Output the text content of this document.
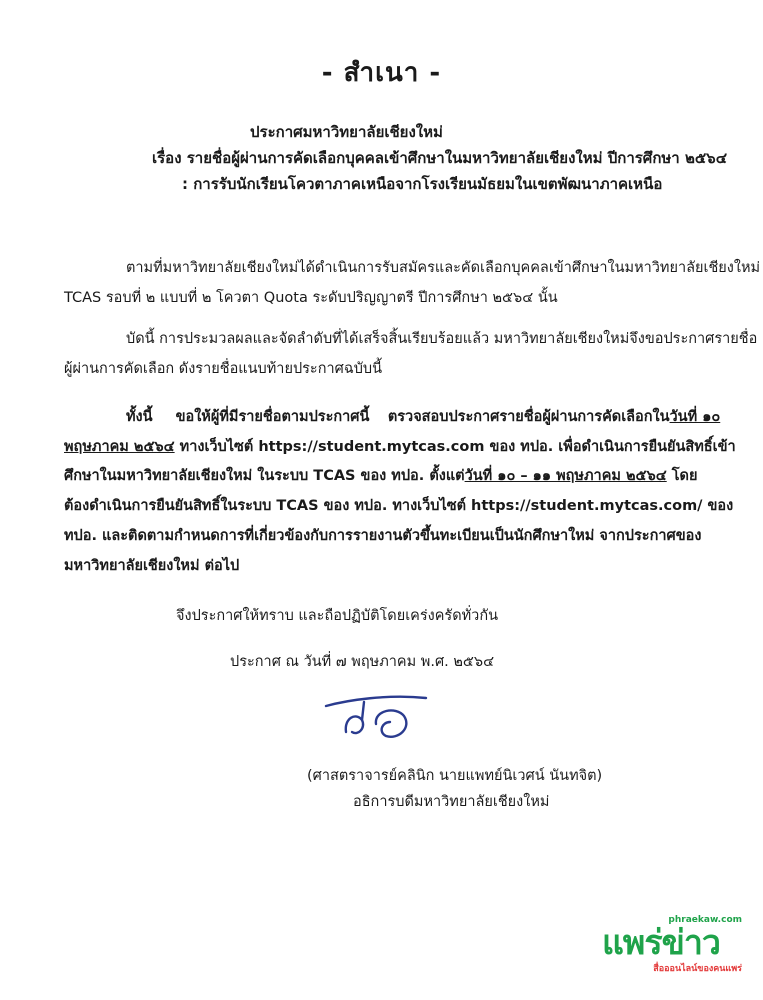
- สำเนา -
ประกาศมหาวิทยาลัยเชียงใหม่
เรื่อง รายชื่อผู้ผ่านการคัดเลือกบุคคลเข้าศึกษาในมหาวิทยาลัยเชียงใหม่ ปีการศึกษา ๒๕๖๔
: การรับนักเรียนโควตาภาคเหนือจากโรงเรียนมัธยมในเขตพัฒนาภาคเหนือ
ตามที่มหาวิทยาลัยเชียงใหม่ได้ดำเนินการรับสมัครและคัดเลือกบุคคลเข้าศึกษาในมหาวิทยาลัยเชียงใหม่
TCAS รอบที่ ๒ แบบที่ ๒ โควตา Quota ระดับปริญญาตรี ปีการศึกษา ๒๕๖๔ นั้น
บัดนี้ การประมวลผลและจัดลำดับที่ได้เสร็จสิ้นเรียบร้อยแล้ว มหาวิทยาลัยเชียงใหม่จึงขอประกาศรายชื่อ
ผู้ผ่านการคัดเลือก ดังรายชื่อแนบท้ายประกาศฉบับนี้
ทั้งนี้ ขอให้ผู้ที่มีรายชื่อตามประกาศนี้ ตรวจสอบประกาศรายชื่อผู้ผ่านการคัดเลือกในวันที่ ๑๐
พฤษภาคม ๒๕๖๔ ทางเว็บไซต์ https://student.mytcas.com ของ ทปอ. เพื่อดำเนินการยืนยันสิทธิ์เข้า
ศึกษาในมหาวิทยาลัยเชียงใหม่ ในระบบ TCAS ของ ทปอ. ตั้งแต่วันที่ ๑๐ – ๑๑ พฤษภาคม ๒๕๖๔ โดย
ต้องดำเนินการยืนยันสิทธิ์ในระบบ TCAS ของ ทปอ. ทางเว็บไซต์ https://student.mytcas.com/ ของ
ทปอ. และติดตามกำหนดการที่เกี่ยวข้องกับการรายงานตัวขึ้นทะเบียนเป็นนักศึกษาใหม่ จากประกาศของ
มหาวิทยาลัยเชียงใหม่ ต่อไป
จึงประกาศให้ทราบ และถือปฏิบัติโดยเคร่งครัดทั่วกัน
ประกาศ ณ วันที่ ๗ พฤษภาคม พ.ศ. ๒๕๖๔
(ศาสตราจารย์คลินิก นายแพทย์นิเวศน์ นันทจิต)
อธิการบดีมหาวิทยาลัยเชียงใหม่
phraekaw.com
แพร่ข่าว
สื่อออนไลน์ของคนแพร่
